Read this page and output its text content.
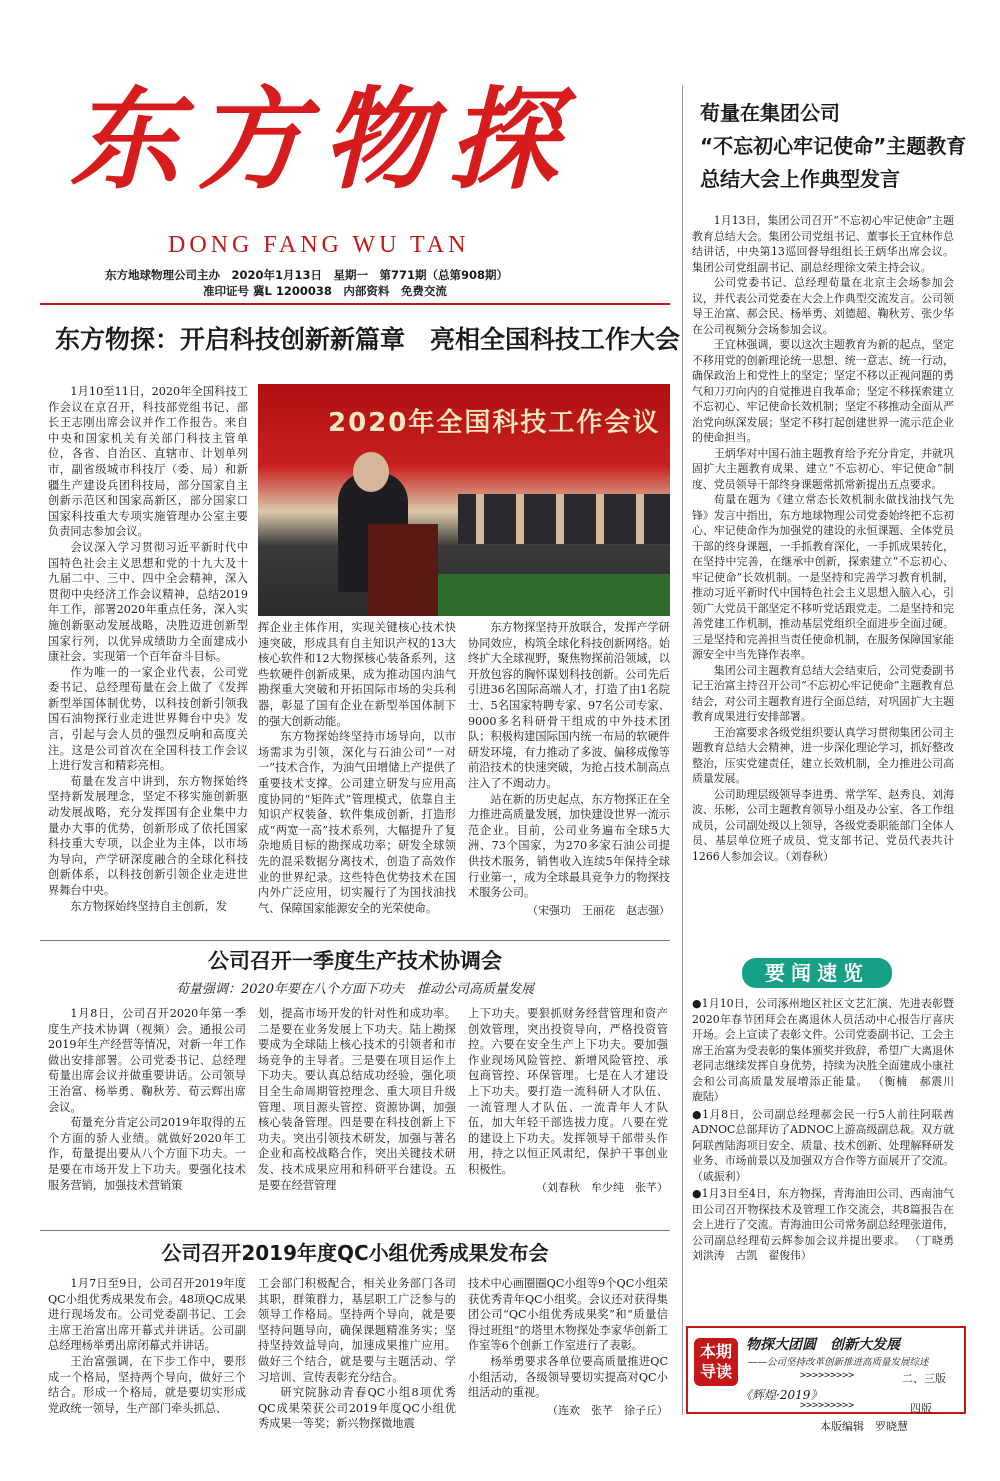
东方物探
DONG FANG WU TAN
东方地球物理公司主办　2020年1月13日　星期一　第771期（总第908期）
准印证号 冀L 1200038　内部资料　免费交流
荀量在集团公司
“不忘初心牢记使命”主题教育
总结大会上作典型发言

1月13日，集团公司召开“不忘初心牢记使命”主题教育总结大会。集团公司党组书记、董事长王宜林作总结讲话，中央第13巡回督导组组长王炳华出席会议。集团公司党组副书记、副总经理徐文荣主持会议。

公司党委书记、总经理荀量在北京主会场参加会议，并代表公司党委在大会上作典型交流发言。公司领导王治富、郝会民、杨举勇、刘德超、鞠秋芳、张少华在公司视频分会场参加会议。

王宜林强调，要以这次主题教育为新的起点，坚定不移用党的创新理论统一思想、统一意志、统一行动，确保政治上和党性上的坚定；坚定不移以正视问题的勇气和刀刃向内的自觉推进自我革命；坚定不移探索建立不忘初心、牢记使命长效机制；坚定不移推动全面从严治党向纵深发展；坚定不移打起创建世界一流示范企业的使命担当。

王炳华对中国石油主题教育给予充分肯定，并就巩固扩大主题教育成果、建立“不忘初心、牢记使命”制度、党员领导干部终身课题常抓常新提出五点要求。

荀量在题为《建立常态长效机制永做找油找气先锋》发言中指出，东方地球物理公司党委始终把不忘初心、牢记使命作为加强党的建设的永恒课题、全体党员干部的终身课题，一手抓教育深化，一手抓成果转化，在坚持中完善，在继承中创新，探索建立“不忘初心、牢记使命”长效机制。一是坚持和完善学习教育机制，推动习近平新时代中国特色社会主义思想入脑入心，引领广大党员干部坚定不移听党话跟党走。二是坚持和完善党建工作机制，推动基层党组织全面进步全面过硬。三是坚持和完善担当责任使命机制，在服务保障国家能源安全中当先锋作表率。

集团公司主题教育总结大会结束后，公司党委副书记王治富主持召开公司“不忘初心牢记使命”主题教育总结会，对公司主题教育进行全面总结，对巩固扩大主题教育成果进行安排部署。

王治富要求各级党组织要认真学习贯彻集团公司主题教育总结大会精神，进一步深化理论学习，抓好整改整治，压实党建责任，建立长效机制，全力推进公司高质量发展。

公司助理层级领导李进勇、常学军、赵秀良、刘海波、乐彬，公司主题教育领导小组及办公室、各工作组成员，公司副处级以上领导，各级党委职能部门全体人员、基层单位班子成员、党支部书记、党员代表共计1266人参加会议。（刘春秋）

东方物探：开启科技创新新篇章　亮相全国科技工作大会
2020年全国科技工作会议

1月10至11日，2020年全国科技工作会议在京召开，科技部党组书记、部长王志刚出席会议并作工作报告。来自中央和国家机关有关部门科技主管单位，各省、自治区、直辖市、计划单列市，副省级城市科技厅（委、局）和新疆生产建设兵团科技局，部分国家自主创新示范区和国家高新区，部分国家口国家科技重大专项实施管理办公室主要负责同志参加会议。

会议深入学习贯彻习近平新时代中国特色社会主义思想和党的十九大及十九届二中、三中、四中全会精神，深入贯彻中央经济工作会议精神，总结2019年工作，部署2020年重点任务，深入实施创新驱动发展战略，决胜迈进创新型国家行列，以优异成绩助力全面建成小康社会、实现第一个百年奋斗目标。

作为唯一的一家企业代表，公司党委书记、总经理荀量在会上做了《发挥新型举国体制优势，以科技创新引领我国石油物探行业走进世界舞台中央》发言，引起与会人员的强烈反响和高度关注。这是公司首次在全国科技工作会议上进行发言和精彩亮相。

荀量在发言中讲到，东方物探始终坚持新发展理念，坚定不移实施创新驱动发展战略，充分发挥国有企业集中力量办大事的优势，创新形成了依托国家科技重大专项，以企业为主体，以市场为导向，产学研深度融合的全球化科技创新体系，以科技创新引领企业走进世界舞台中央。

东方物探始终坚持自主创新，发

挥企业主体作用，实现关键核心技术快速突破，形成具有自主知识产权的13大核心软件和12大物探核心装备系列，这些软硬件创新成果，成为推动国内油气勘探重大突破和开拓国际市场的尖兵利器，彰显了国有企业在新型举国体制下的强大创新动能。

东方物探始终坚持市场导向，以市场需求为引领，深化与石油公司“一对一”技术合作，为油气田增储上产提供了重要技术支撑。公司建立研发与应用高度协同的“矩阵式”管理模式，依靠自主知识产权装备、软件集成创新，打造形成“两宽一高”技术系列，大幅提升了复杂地质目标的勘探成功率；研发全球领先的混采数据分离技术，创造了高效作业的世界纪录。这些特色优势技术在国内外广泛应用，切实履行了为国找油找气、保障国家能源安全的光荣使命。

东方物探坚持开放联合，发挥产学研协同效应，构筑全球化科技创新网络。始终扩大全球视野，聚焦物探前沿领域，以开放包容的胸怀谋划科技创新。公司先后引进36名国际高端人才，打造了由1名院士、5名国家特聘专家、97名公司专家、9000多名科研骨干组成的中外技术团队；积极构建国际国内统一布局的软硬件研发环境，有力推动了多波、偏移成像等前沿技术的快速突破，为抢占技术制高点注入了不竭动力。

站在新的历史起点，东方物探正在全力推进高质量发展，加快建设世界一流示范企业。目前，公司业务遍布全球5大洲、73个国家，为270多家石油公司提供技术服务，销售收入连续5年保持全球行业第一，成为全球最具竞争力的物探技术服务公司。

（宋强功　王丽花　赵志强）
公司召开一季度生产技术协调会
荀量强调：2020年要在八个方面下功夫　推动公司高质量发展

1月8日，公司召开2020年第一季度生产技术协调（视频）会。通报公司2019年生产经营等情况，对新一年工作做出安排部署。公司党委书记、总经理荀量出席会议并做重要讲话。公司领导王治富、杨举勇、鞠秋芳、荀云辉出席会议。

荀量充分肯定公司2019年取得的五个方面的骄人业绩。就做好2020年工作，荀量提出要从八个方面下功夫。一是要在市场开发上下功夫。要强化技术服务营销，加强技术营销策

划，提高市场开发的针对性和成功率。二是要在业务发展上下功夫。陆上勘探要成为全球陆上核心技术的引领者和市场竞争的主导者。三是要在项目运作上下功夫。要认真总结成功经验，强化项目全生命周期管控理念、重大项目升级管理、项目源头管控、资源协调，加强核心装备管理。四是要在科技创新上下功夫。突出引领技术研发，加强与著名企业和高校战略合作，突出关键技术研发、技术成果应用和科研平台建设。五是要在经营管理

上下功夫。要狠抓财务经营管理和资产创效管理，突出投资导向，严格投资管控。六要在安全生产上下功夫。要加强作业现场风险管控、新增风险管控、承包商管控、环保管理。七是在人才建设上下功夫。要打造一流科研人才队伍、一流管理人才队伍、一流青年人才队伍，加大年轻干部选拔力度。八要在党的建设上下功夫。发挥领导干部带头作用，持之以恒正风肃纪，保护干事创业积极性。

（刘春秋　牟少纯　张芊）
公司召开2019年度QC小组优秀成果发布会

1月7日至9日，公司召开2019年度QC小组优秀成果发布会。48项QC成果进行现场发布。公司党委副书记、工会主席王治富出席开幕式并讲话。公司副总经理杨举勇出席闭幕式并讲话。

王治富强调，在下步工作中，要形成一个格局，坚持两个导向，做好三个结合。形成一个格局，就是要切实形成党政统一领导，生产部门牵头抓总、

工会部门积极配合，相关业务部门各司其职，群策群力，基层职工广泛参与的领导工作格局。坚持两个导向，就是要坚持问题导向，确保课题精准务实；坚持坚持效益导向，加速成果推广应用。做好三个结合，就是要与主题活动、学习培训、宣传表彰充分结合。

研究院脉动青春QC小组8项优秀QC成果荣获公司2019年度QC小组优秀成果一等奖；新兴物探微地震

技术中心画圈圈QC小组等9个QC小组荣获优秀青年QC小组奖。会议还对获得集团公司“QC小组优秀成果奖”和“质量信得过班组”的塔里木物探处李家华创新工作室等6个创新工作室进行了表彰。

杨举勇要求各单位要高质量推进QC小组活动，各级领导要切实提高对QC小组活动的重视。

（连欢　张芊　徐子丘）
要闻速览
●1月10日，公司涿州地区社区文艺汇演、先进表彰暨2020年春节团拜会在离退休人员活动中心报告厅喜庆开场。会上宣读了表彰文件。公司党委副书记、工会主席王治富为受表彰的集体颁奖并致辞，希望广大离退休老同志继续发挥自身优势，持续为决胜全面建成小康社会和公司高质量发展增添正能量。 （衡楠　郝震川　鹿陆）
●1月8日，公司副总经理郝会民一行5人前往阿联酋ADNOC总部拜访了ADNOC上游高级副总裁。双方就阿联酋陆海项目安全、质量、技术创新、处理解释研发业务、市场前景以及加强双方合作等方面展开了交流。 （戚振利）
●1月3日至4日，东方物探，青海油田公司、西南油气田公司召开物探技术及管理工作交流会，共8篇报告在会上进行了交流。青海油田公司常务副总经理张道伟，公司副总经理荀云辉参加会议并提出要求。 （丁晓勇　刘洪涛　古凯　翟俊伟）
本期
导读
物探大团圆　创新大发展
——公司坚持改革创新推进高质量发展综述
>>>>>>>>>	二、三版
《辉煌·2019》
>>>>>>>>>	四版
本版编辑　罗晓慧
